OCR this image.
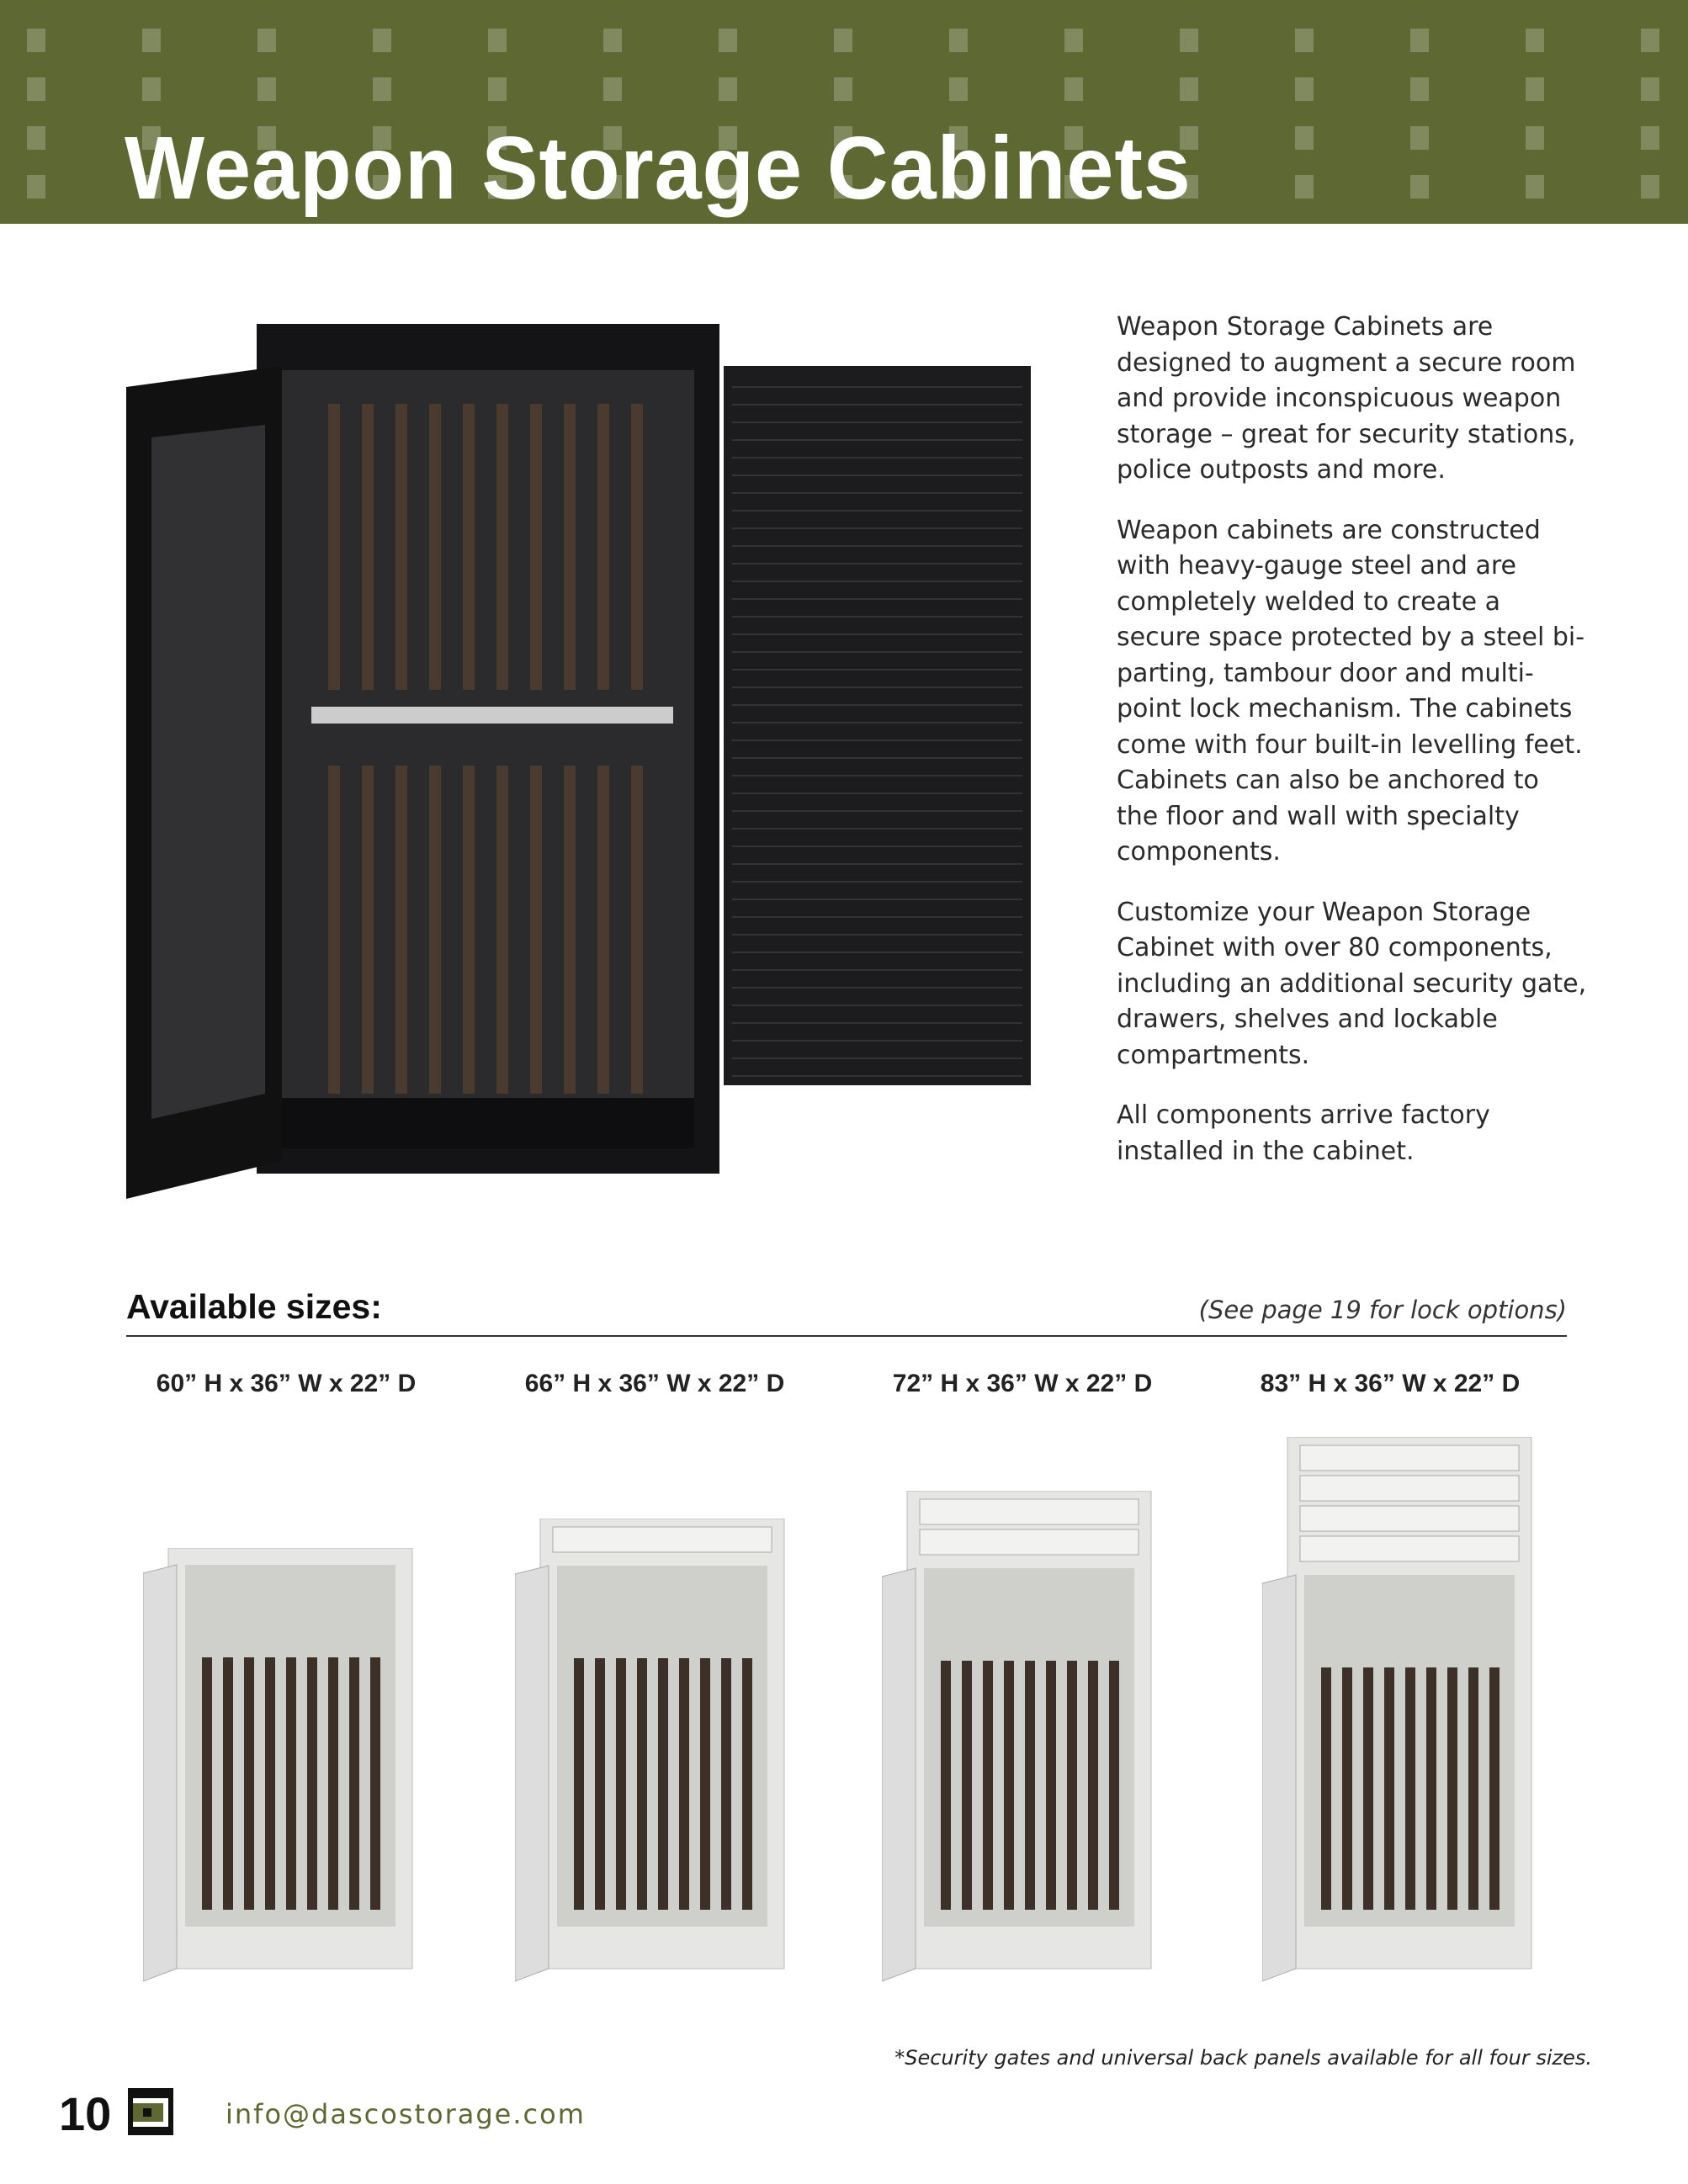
Weapon Storage Cabinets

Weapon Storage Cabinets are designed to augment a secure room and provide inconspicuous weapon storage – great for security stations, police outposts and more.

Weapon cabinets are constructed with heavy-gauge steel and are completely welded to create a secure space protected by a steel bi-parting, tambour door and multi-point lock mechanism. The cabinets come with four built-in levelling feet. Cabinets can also be anchored to the floor and wall with specialty components.

Customize your Weapon Storage Cabinet with over 80 components, including an additional security gate, drawers, shelves and lockable compartments.

All components arrive factory installed in the cabinet.

Available sizes:	(See page 19 for lock options)
60” H x 36” W x 22” D	66” H x 36” W x 22” D	72” H x 36” W x 22” D	83” H x 36” W x 22” D
*Security gates and universal back panels available for all four sizes.
10	info@dascostorage.com
